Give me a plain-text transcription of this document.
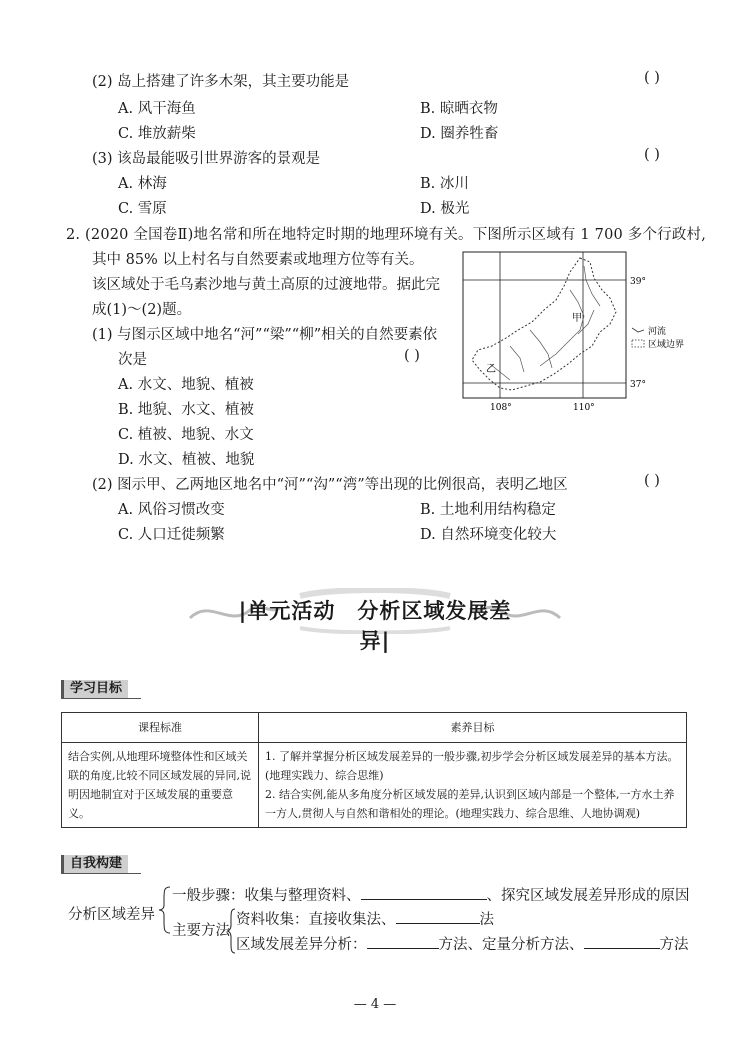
(2) 岛上搭建了许多木架，其主要功能是	( )
A. 风干海鱼	B. 晾晒衣物
C. 堆放薪柴	D. 圈养牲畜
(3) 该岛最能吸引世界游客的景观是	( )
A. 林海	B. 冰川
C. 雪原	D. 极光
2. (2020 全国卷Ⅱ)地名常和所在地特定时期的地理环境有关。下图所示区域有 1 700 多个行政村,
其中 85% 以上村名与自然要素或地理方位等有关。
该区域处于毛乌素沙地与黄土高原的过渡地带。据此完
成(1)～(2)题。
(1) 与图示区域中地名“河”“梁”“柳”相关的自然要素依
次是	( )
A. 水文、地貌、植被
B. 地貌、水文、植被
C. 植被、地貌、水文
D. 水文、植被、地貌
甲
乙
39°
37°
108°	110°
河流
区域边界
(2) 图示甲、乙两地区地名中“河”“沟”“湾”等出现的比例很高，表明乙地区	( )
A. 风俗习惯改变	B. 土地利用结构稳定
C. 人口迁徙频繁	D. 自然环境变化较大
|单元活动　分析区域发展差异|
学习目标
课程标准	素养目标
结合实例,从地理环境整体性和区域关联的角度,比较不同区域发展的异同,说明因地制宜对于区域发展的重要意义。	1. 了解并掌握分析区域发展差异的一般步骤,初步学会分析区域发展差异的基本方法。(地理实践力、综合思维)
2. 结合实例,能从多角度分析区域发展的差异,认识到区域内部是一个整体,一方水土养一方人,贯彻人与自然和谐相处的理论。(地理实践力、综合思维、人地协调观)
自我构建
分析区域差异
一般步骤：收集与整理资料、	、探究区域发展差异形成的原因
主要方法
资料收集：直接收集法、	法
区域发展差异分析：	方法、定量分析方法、	方法
— 4 —
